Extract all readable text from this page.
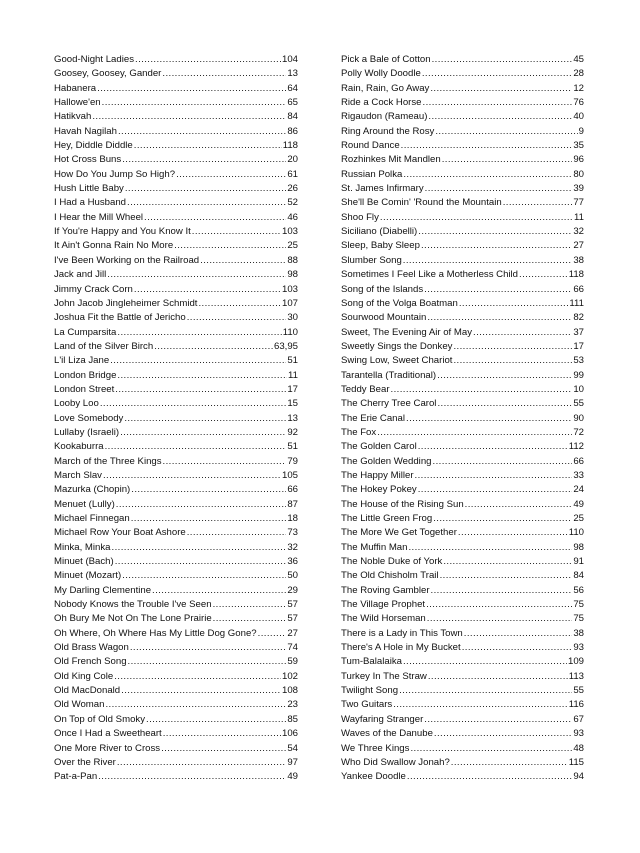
Good-Night Ladies .....	104
Goosey, Goosey, Gander .....	13
Habanera .....	64
Hallowe'en .....	65
Hatikvah .....	84
Havah Nagilah .....	86
Hey, Diddle Diddle .....	118
Hot Cross Buns .....	20
How Do You Jump So High? .....	61
Hush Little Baby .....	26
I Had a Husband .....	52
I Hear the Mill Wheel .....	46
If You're Happy and You Know It .....	103
It Ain't Gonna Rain No More .....	25
I've Been Working on the Railroad .....	88
Jack and Jill .....	98
Jimmy Crack Corn .....	103
John Jacob Jingleheimer Schmidt .....	107
Joshua Fit the Battle of Jericho .....	30
La Cumparsita .....	110
Land of the Silver Birch .....	63,95
L'il Liza Jane .....	51
London Bridge .....	11
London Street .....	17
Looby Loo .....	15
Love Somebody .....	13
Lullaby (Israeli) .....	92
Kookaburra .....	51
March of the Three Kings .....	79
March Slav .....	105
Mazurka (Chopin) .....	66
Menuet (Lully) .....	87
Michael Finnegan .....	18
Michael Row Your Boat Ashore .....	73
Minka, Minka .....	32
Minuet (Bach) .....	36
Minuet (Mozart) .....	50
My Darling Clementine .....	29
Nobody Knows the Trouble I've Seen .....	57
Oh Bury Me Not On The Lone Prairie .....	57
Oh Where, Oh Where Has My Little Dog Gone? .....	27
Old Brass Wagon .....	74
Old French Song .....	59
Old King Cole .....	102
Old MacDonald .....	108
Old Woman .....	23
On Top of Old Smoky .....	85
Once I Had a Sweetheart .....	106
One More River to Cross .....	54
Over the River .....	97
Pat-a-Pan .....	49
Pick a Bale of Cotton .....	45
Polly Wolly Doodle .....	28
Rain, Rain, Go Away .....	12
Ride a Cock Horse .....	76
Rigaudon (Rameau) .....	40
Ring Around the Rosy .....	9
Round Dance .....	35
Rozhinkes Mit Mandlen .....	96
Russian Polka .....	80
St. James Infirmary .....	39
She'll Be Comin' 'Round the Mountain .....	77
Shoo Fly .....	11
Siciliano (Diabelli) .....	32
Sleep, Baby Sleep .....	27
Slumber Song .....	38
Sometimes I Feel Like a Motherless Child .....	118
Song of the Islands .....	66
Song of the Volga Boatman .....	111
Sourwood Mountain .....	82
Sweet, The Evening Air of May .....	37
Sweetly Sings the Donkey .....	17
Swing Low, Sweet Chariot .....	53
Tarantella (Traditional) .....	99
Teddy Bear .....	10
The Cherry Tree Carol .....	55
The Erie Canal .....	90
The Fox .....	72
The Golden Carol .....	112
The Golden Wedding .....	66
The Happy Miller .....	33
The Hokey Pokey .....	24
The House of the Rising Sun .....	49
The Little Green Frog .....	25
The More We Get Together .....	110
The Muffin Man .....	98
The Noble Duke of York .....	91
The Old Chisholm Trail .....	84
The Roving Gambler .....	56
The Village Prophet .....	75
The Wild Horseman .....	75
There is a Lady in This Town .....	38
There's A Hole in My Bucket .....	93
Tum-Balalaika .....	109
Turkey In The Straw .....	113
Twilight Song .....	55
Two Guitars .....	116
Wayfaring Stranger .....	67
Waves of the Danube .....	93
We Three Kings .....	48
Who Did Swallow Jonah? .....	115
Yankee Doodle .....	94
